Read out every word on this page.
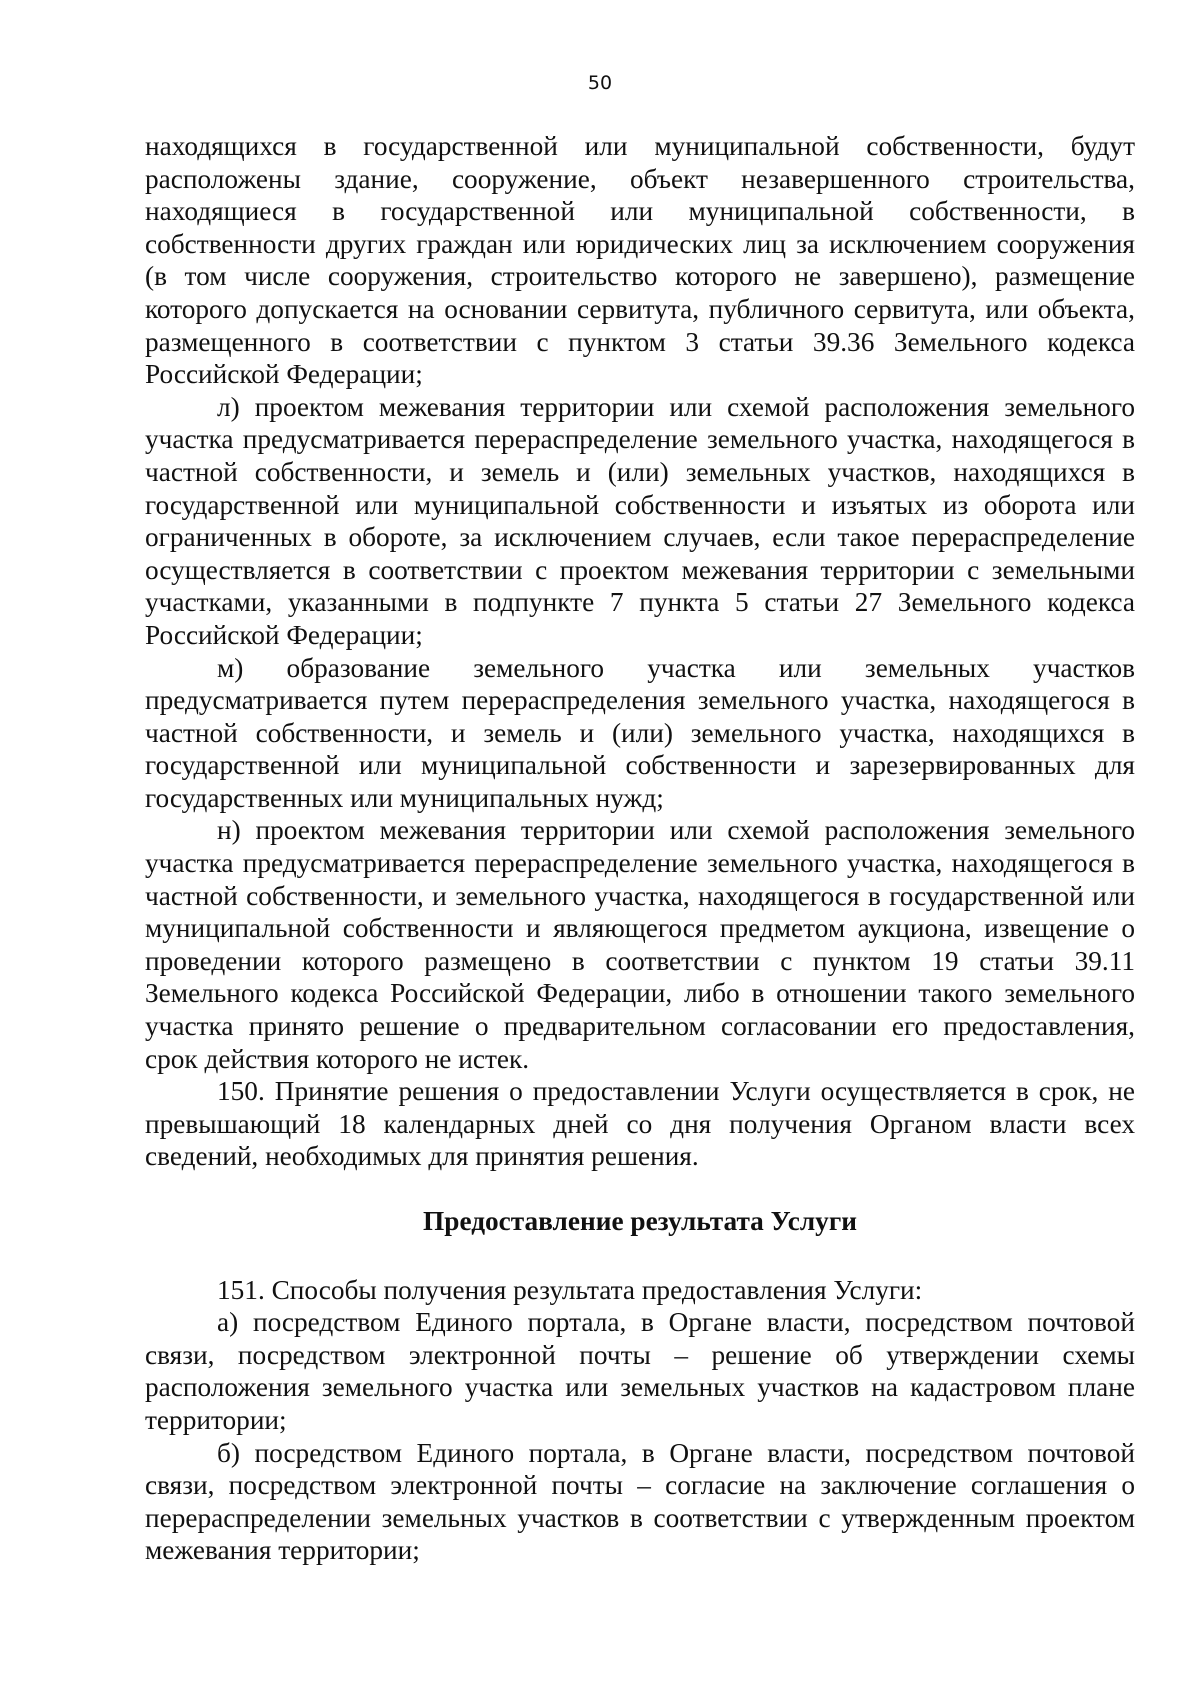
50

находящихся в государственной или муниципальной собственности, будут расположены здание, сооружение, объект незавершенного строительства, находящиеся в государственной или муниципальной собственности, в собственности других граждан или юридических лиц за исключением сооружения (в том числе сооружения, строительство которого не завершено), размещение которого допускается на основании сервитута, публичного сервитута, или объекта, размещенного в соответствии с пунктом 3 статьи 39.36 Земельного кодекса Российской Федерации;

л) проектом межевания территории или схемой расположения земельного участка предусматривается перераспределение земельного участка, находящегося в частной собственности, и земель и (или) земельных участков, находящихся в государственной или муниципальной собственности и изъятых из оборота или ограниченных в обороте, за исключением случаев, если такое перераспределение осуществляется в соответствии с проектом межевания территории с земельными участками, указанными в подпункте 7 пункта 5 статьи 27 Земельного кодекса Российской Федерации;

м) образование земельного участка или земельных участков предусматривается путем перераспределения земельного участка, находящегося в частной собственности, и земель и (или) земельного участка, находящихся в государственной или муниципальной собственности и зарезервированных для государственных или муниципальных нужд;

н) проектом межевания территории или схемой расположения земельного участка предусматривается перераспределение земельного участка, находящегося в частной собственности, и земельного участка, находящегося в государственной или муниципальной собственности и являющегося предметом аукциона, извещение о проведении которого размещено в соответствии с пунктом 19 статьи 39.11 Земельного кодекса Российской Федерации, либо в отношении такого земельного участка принято решение о предварительном согласовании его предоставления, срок действия которого не истек.

150. Принятие решения о предоставлении Услуги осуществляется в срок, не превышающий 18 календарных дней со дня получения Органом власти всех сведений, необходимых для принятия решения.

Предоставление результата Услуги

151. Способы получения результата предоставления Услуги:

а) посредством Единого портала, в Органе власти, посредством почтовой связи, посредством электронной почты – решение об утверждении схемы расположения земельного участка или земельных участков на кадастровом плане территории;

б) посредством Единого портала, в Органе власти, посредством почтовой связи, посредством электронной почты – согласие на заключение соглашения о перераспределении земельных участков в соответствии с утвержденным проектом межевания территории;
